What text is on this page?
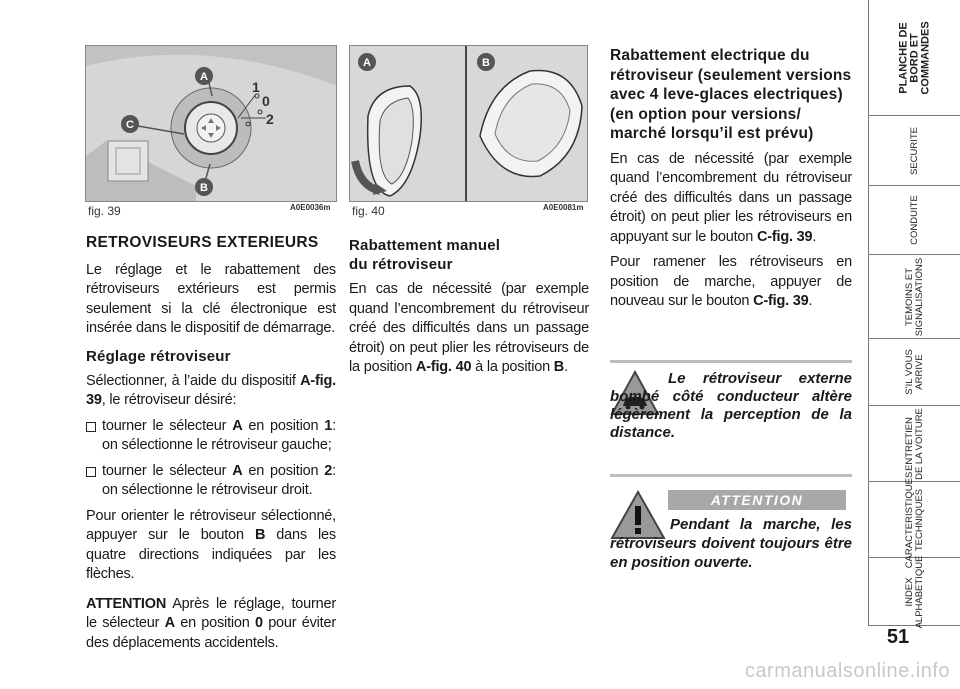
A
C
B
1
0
2
fig. 39	A0E0036m
A	B
fig. 40	A0E0081m
RETROVISEURS EXTERIEURS

Le réglage et le rabattement des rétroviseurs extérieurs est permis seulement si la clé électronique est insérée dans le dispositif de démarrage.

Réglage rétroviseur

Sélectionner, à l’aide du dispositif A-fig. 39, le rétroviseur désiré:

tourner le sélecteur A en position 1: on sélectionne le rétroviseur gauche;
tourner le sélecteur A en position 2: on sélectionne le rétroviseur droit.

Pour orienter le rétroviseur sélectionné, appuyer sur le bouton B dans les quatre directions indiquées par les flèches.

ATTENTION Après le réglage, tourner le sélecteur A en position 0 pour éviter des déplacements accidentels.

Rabattement manuel
du rétroviseur

En cas de nécessité (par exemple quand l’encombrement du rétroviseur créé des difficultés dans un passage étroit) on peut plier les rétroviseurs de la position A-fig. 40 à la position B.

Rabattement electrique du rétroviseur (seulement versions avec 4 leve-glaces electriques) (en option pour versions/ marché lorsqu’il est prévu)

En cas de nécessité (par exemple quand l’encombrement du rétroviseur créé des difficultés dans un passage étroit) on peut plier les rétroviseurs en appuyant sur le bouton C-fig. 39.

Pour ramener les rétroviseurs en position de marche, appuyer de nouveau sur le bouton C-fig. 39.

Le rétroviseur externe bombé côté conducteur altère légèrement la perception de la distance.
ATTENTION
Pendant la marche, les rétroviseurs doivent toujours être en position ouverte.
PLANCHE DE
BORD ET
COMMANDES
SECURITE
CONDUITE
TEMOINS ET
SIGNALISATIONS
S’IL VOUS
ARRIVE
ENTRETIEN
DE LA VOITURE
CARACTERISTIQUES
TECHNIQUES
INDEX
ALPHABETIQUE
51
carmanualsonline.info
